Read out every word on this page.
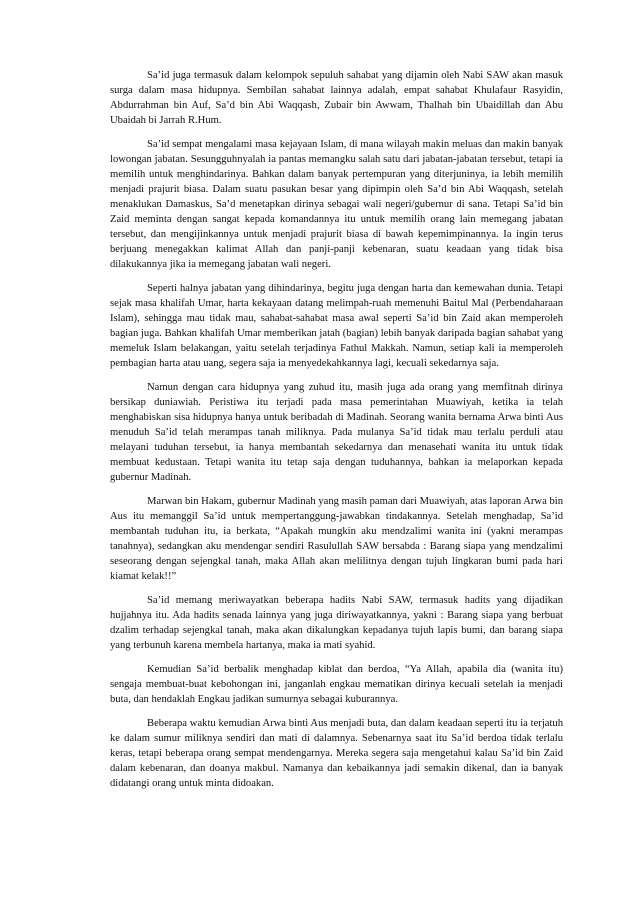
Sa’id juga termasuk dalam kelompok sepuluh sahabat yang dijamin oleh Nabi SAW akan masuk surga dalam masa hidupnya. Sembilan sahabat lainnya adalah, empat sahabat Khulafaur Rasyidin, Abdurrahman bin Auf, Sa’d bin Abi Waqqash, Zubair bin Awwam, Thalhah bin Ubaidillah dan Abu Ubaidah bi Jarrah R.Hum.

Sa’id sempat mengalami masa kejayaan Islam, di mana wilayah makin meluas dan makin banyak lowongan jabatan. Sesungguhnyalah ia pantas memangku salah satu dari jabatan-jabatan tersebut, tetapi ia memilih untuk menghindarinya. Bahkan dalam banyak pertempuran yang diterjuninya, ia lebih memilih menjadi prajurit biasa. Dalam suatu pasukan besar yang dipimpin oleh Sa’d bin Abi Waqqash, setelah menaklukan Damaskus, Sa’d menetapkan dirinya sebagai wali negeri/gubernur di sana. Tetapi Sa’id bin Zaid meminta dengan sangat kepada komandannya itu untuk memilih orang lain memegang jabatan tersebut, dan mengijinkannya untuk menjadi prajurit biasa di bawah kepemimpinannya. Ia ingin terus berjuang menegakkan kalimat Allah dan panji-panji kebenaran, suatu keadaan yang tidak bisa dilakukannya jika ia memegang jabatan wali negeri.

Seperti halnya jabatan yang dihindarinya, begitu juga dengan harta dan kemewahan dunia. Tetapi sejak masa khalifah Umar, harta kekayaan datang melimpah-ruah memenuhi Baitul Mal (Perbendaharaan Islam), sehingga mau tidak mau, sahabat-sahabat masa awal seperti Sa’id bin Zaid akan memperoleh bagian juga. Bahkan khalifah Umar memberikan jatah (bagian) lebih banyak daripada bagian sahabat yang memeluk Islam belakangan, yaitu setelah terjadinya Fathul Makkah. Namun, setiap kali ia memperoleh pembagian harta atau uang, segera saja ia menyedekahkannya lagi, kecuali sekedarnya saja.

Namun dengan cara hidupnya yang zuhud itu, masih juga ada orang yang memfitnah dirinya bersikap duniawiah. Peristiwa itu terjadi pada masa pemerintahan Muawiyah, ketika ia telah menghabiskan sisa hidupnya hanya untuk beribadah di Madinah. Seorang wanita bernama Arwa binti Aus menuduh Sa’id telah merampas tanah miliknya. Pada mulanya Sa’id tidak mau terlalu perduli atau melayani tuduhan tersebut, ia hanya membantah sekedarnya dan menasehati wanita itu untuk tidak membuat kedustaan. Tetapi wanita itu tetap saja dengan tuduhannya, bahkan ia melaporkan kepada gubernur Madinah.

Marwan bin Hakam, gubernur Madinah yang masih paman dari Muawiyah, atas laporan Arwa bin Aus itu memanggil Sa’id untuk mempertanggung-jawabkan tindakannya. Setelah menghadap, Sa’id membantah tuduhan itu, ia berkata, “Apakah mungkin aku mendzalimi wanita ini (yakni merampas tanahnya), sedangkan aku mendengar sendiri Rasulullah SAW bersabda : Barang siapa yang mendzalimi seseorang dengan sejengkal tanah, maka Allah akan melilitnya dengan tujuh lingkaran bumi pada hari kiamat kelak!!”

Sa’id memang meriwayatkan beberapa hadits Nabi SAW, termasuk hadits yang dijadikan hujjahnya itu. Ada hadits senada lainnya yang juga diriwayatkannya, yakni : Barang siapa yang berbuat dzalim terhadap sejengkal tanah, maka akan dikalungkan kepadanya tujuh lapis bumi, dan barang siapa yang terbunuh karena membela hartanya, maka ia mati syahid.

Kemudian Sa’id berbalik menghadap kiblat dan berdoa, “Ya Allah, apabila dia (wanita itu) sengaja membuat-buat kebohongan ini, janganlah engkau mematikan dirinya kecuali setelah ia menjadi buta, dan hendaklah Engkau jadikan sumurnya sebagai kuburannya.

Beberapa waktu kemudian Arwa binti Aus menjadi buta, dan dalam keadaan seperti itu ia terjatuh ke dalam sumur miliknya sendiri dan mati di dalamnya. Sebenarnya saat itu Sa’id berdoa tidak terlalu keras, tetapi beberapa orang sempat mendengarnya. Mereka segera saja mengetahui kalau Sa’id bin Zaid dalam kebenaran, dan doanya makbul. Namanya dan kebaikannya jadi semakin dikenal, dan ia banyak didatangi orang untuk minta didoakan.
